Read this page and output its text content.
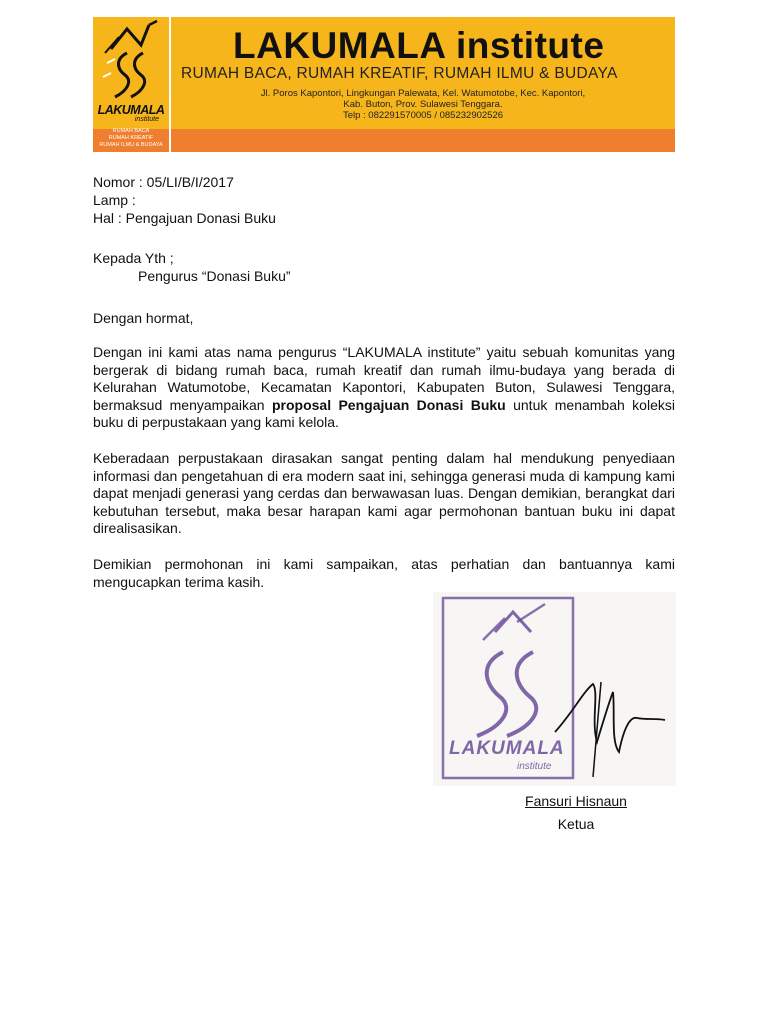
LAKUMALA
institute
RUMAH BACA
RUMAH KREATIF
RUMAH ILMU & BUDAYA
LAKUMALA institute
RUMAH BACA, RUMAH KREATIF, RUMAH ILMU & BUDAYA
Jl. Poros Kapontori, Lingkungan Palewata, Kel. Watumotobe, Kec. Kapontori,
Kab. Buton, Prov. Sulawesi Tenggara.
Telp : 082291570005 / 085232902526
Nomor : 05/LI/B/I/2017
Lamp :
Hal : Pengajuan Donasi Buku
Kepada Yth ;
Pengurus “Donasi Buku”
Dengan hormat,
Dengan ini kami atas nama pengurus “LAKUMALA institute” yaitu sebuah komunitas yang bergerak di bidang rumah baca, rumah kreatif dan rumah ilmu-budaya yang berada di Kelurahan Watumotobe, Kecamatan Kapontori, Kabupaten Buton, Sulawesi Tenggara, bermaksud menyampaikan proposal Pengajuan Donasi Buku untuk menambah koleksi buku di perpustakaan yang kami kelola.
Keberadaan perpustakaan dirasakan sangat penting dalam hal mendukung penyediaan informasi dan pengetahuan di era modern saat ini, sehingga generasi muda di kampung kami dapat menjadi generasi yang cerdas dan berwawasan luas. Dengan demikian, berangkat dari kebutuhan tersebut, maka besar harapan kami agar permohonan bantuan buku ini dapat direalisasikan.
Demikian permohonan ini kami sampaikan, atas perhatian dan bantuannya kami mengucapkan terima kasih.
LAKUMALA
institute
Fansuri Hisnaun
Ketua
